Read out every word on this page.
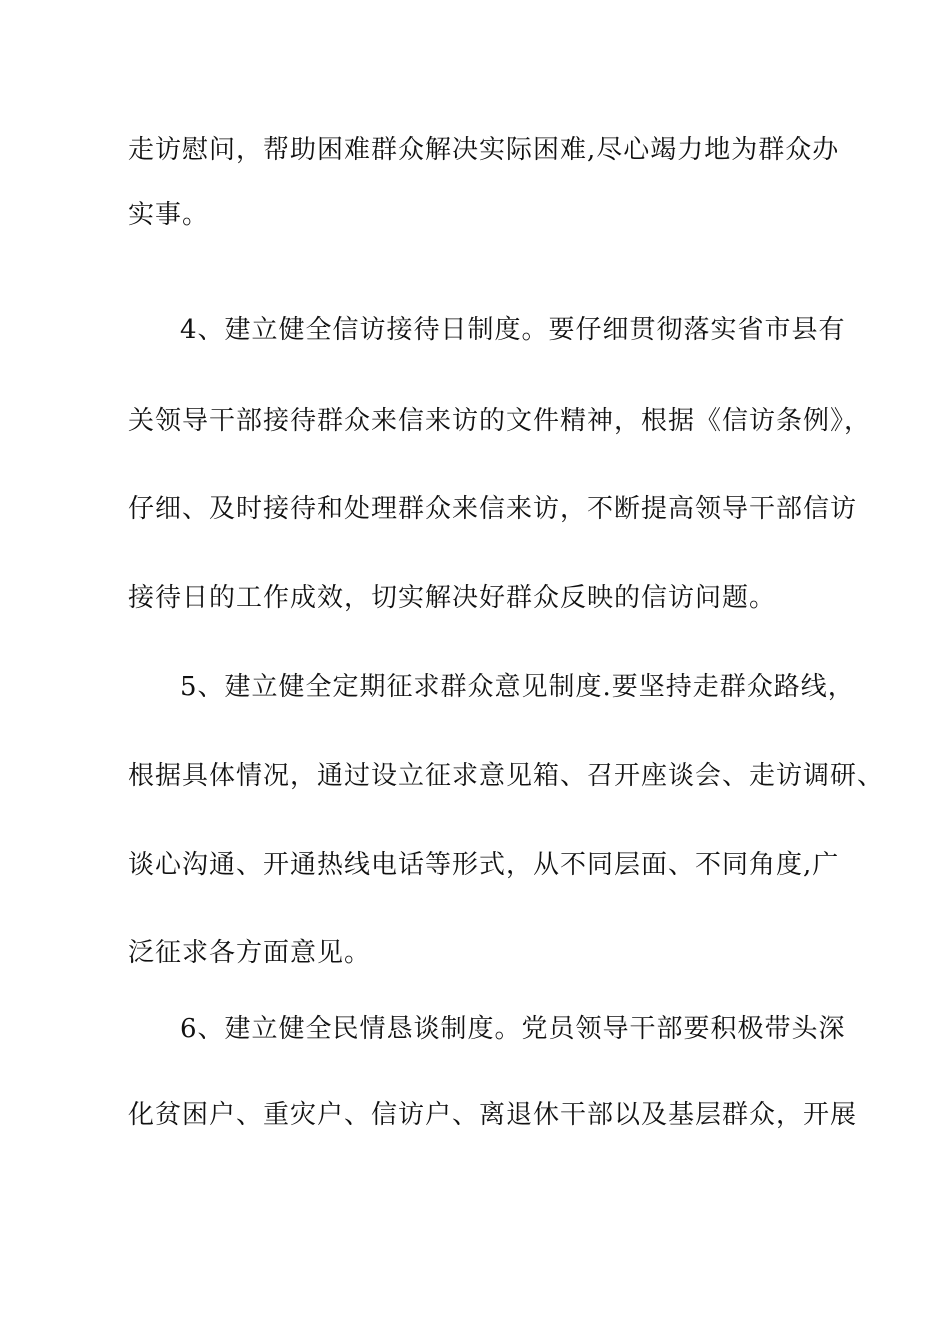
走访慰问，帮助困难群众解决实际困难,尽心竭力地为群众办
实事。
4、建立健全信访接待日制度。要仔细贯彻落实省市县有
关领导干部接待群众来信来访的文件精神，根据《信访条例》，
仔细、及时接待和处理群众来信来访，不断提高领导干部信访
接待日的工作成效，切实解决好群众反映的信访问题。
5、建立健全定期征求群众意见制度.要坚持走群众路线，
根据具体情况，通过设立征求意见箱、召开座谈会、走访调研、
谈心沟通、开通热线电话等形式，从不同层面、不同角度,广
泛征求各方面意见。
6、建立健全民情恳谈制度。党员领导干部要积极带头深
化贫困户、重灾户、信访户、离退休干部以及基层群众，开展
